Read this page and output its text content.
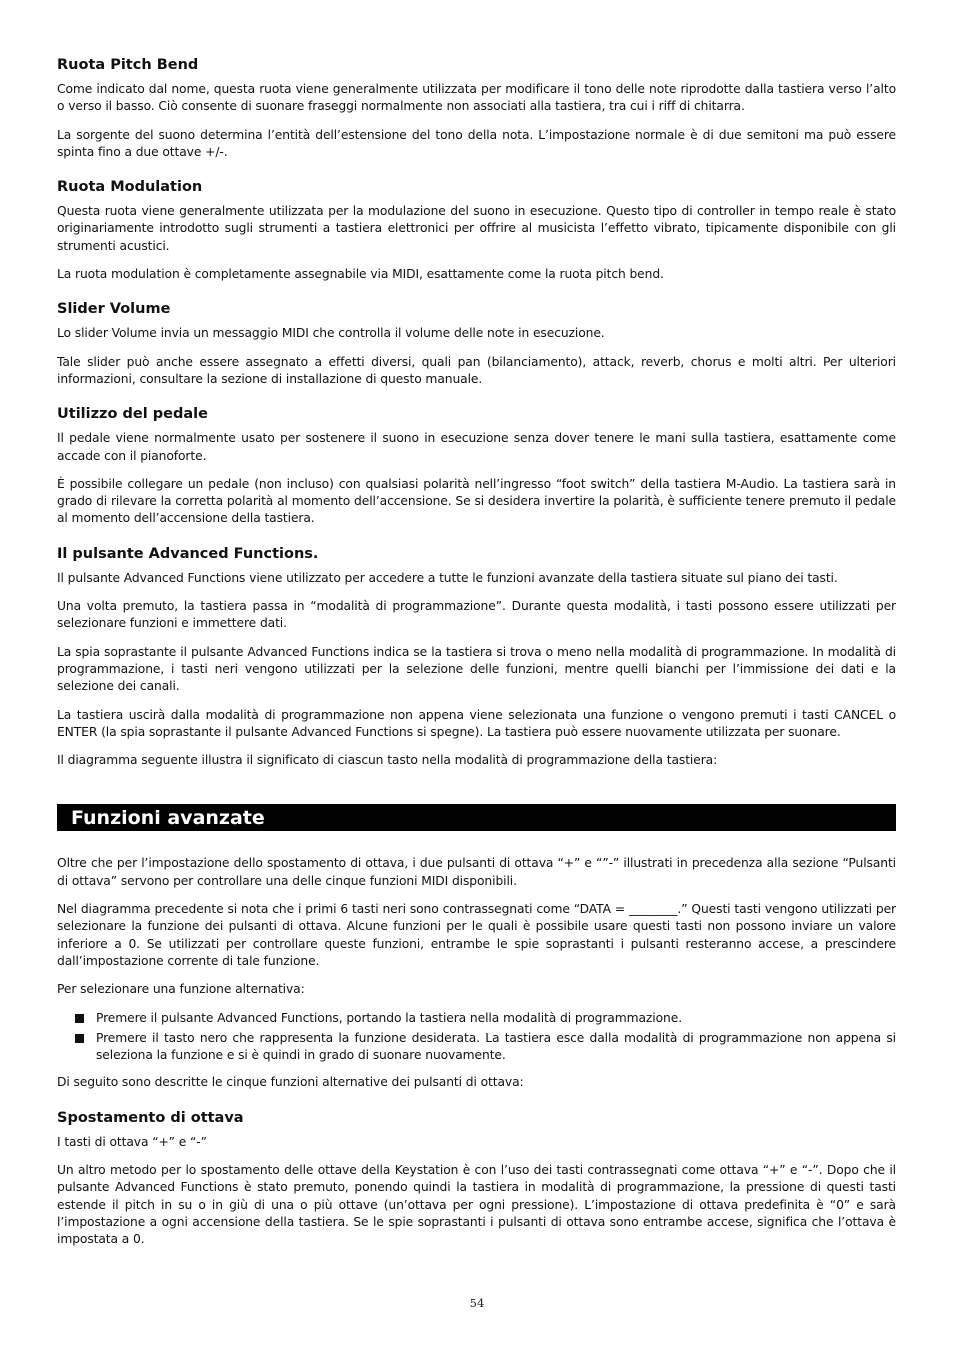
Ruota Pitch Bend

Come indicato dal nome, questa ruota viene generalmente utilizzata per modificare il tono delle note riprodotte dalla tastiera verso l’alto o verso il basso. Ciò consente di suonare fraseggi normalmente non associati alla tastiera, tra cui i riff di chitarra.

La sorgente del suono determina l’entità dell’estensione del tono della nota. L’impostazione normale è di due semitoni ma può essere spinta fino a due ottave +/-.

Ruota Modulation

Questa ruota viene generalmente utilizzata per la modulazione del suono in esecuzione. Questo tipo di controller in tempo reale è stato originariamente introdotto sugli strumenti a tastiera elettronici per offrire al musicista l’effetto vibrato, tipicamente disponibile con gli strumenti acustici.

La ruota modulation è completamente assegnabile via MIDI, esattamente come la ruota pitch bend.

Slider Volume

Lo slider Volume invia un messaggio MIDI che controlla il volume delle note in esecuzione.

Tale slider può anche essere assegnato a effetti diversi, quali pan (bilanciamento), attack, reverb, chorus e molti altri. Per ulteriori informazioni, consultare la sezione di installazione di questo manuale.

Utilizzo del pedale

Il pedale viene normalmente usato per sostenere il suono in esecuzione senza dover tenere le mani sulla tastiera, esattamente come accade con il pianoforte.

È possibile collegare un pedale (non incluso) con qualsiasi polarità nell’ingresso “foot switch” della tastiera M-Audio. La tastiera sarà in grado di rilevare la corretta polarità al momento dell’accensione. Se si desidera invertire la polarità, è sufficiente tenere premuto il pedale al momento dell’accensione della tastiera.

Il pulsante Advanced Functions.

Il pulsante Advanced Functions viene utilizzato per accedere a tutte le funzioni avanzate della tastiera situate sul piano dei tasti.

Una volta premuto, la tastiera passa in “modalità di programmazione”. Durante questa modalità, i tasti possono essere utilizzati per selezionare funzioni e immettere dati.

La spia soprastante il pulsante Advanced Functions indica se la tastiera si trova o meno nella modalità di programmazione. In modalità di programmazione, i tasti neri vengono utilizzati per la selezione delle funzioni, mentre quelli bianchi per l’immissione dei dati e la selezione dei canali.

La tastiera uscirà dalla modalità di programmazione non appena viene selezionata una funzione o vengono premuti i tasti CANCEL o ENTER (la spia soprastante il pulsante Advanced Functions si spegne). La tastiera può essere nuovamente utilizzata per suonare.

Il diagramma seguente illustra il significato di ciascun tasto nella modalità di programmazione della tastiera:

Funzioni avanzate

Oltre che per l’impostazione dello spostamento di ottava, i due pulsanti di ottava “+” e “”-” illustrati in precedenza alla sezione “Pulsanti di ottava” servono per controllare una delle cinque funzioni MIDI disponibili.

Nel diagramma precedente si nota che i primi 6 tasti neri sono contrassegnati come “DATA = ________.” Questi tasti vengono utilizzati per selezionare la funzione dei pulsanti di ottava. Alcune funzioni per le quali è possibile usare questi tasti non possono inviare un valore inferiore a 0. Se utilizzati per controllare queste funzioni, entrambe le spie soprastanti i pulsanti resteranno accese, a prescindere dall’impostazione corrente di tale funzione.

Per selezionare una funzione alternativa:

Premere il pulsante Advanced Functions, portando la tastiera nella modalità di programmazione.
Premere il tasto nero che rappresenta la funzione desiderata. La tastiera esce dalla modalità di programmazione non appena si seleziona la funzione e si è quindi in grado di suonare nuovamente.

Di seguito sono descritte le cinque funzioni alternative dei pulsanti di ottava:

Spostamento di ottava

I tasti di ottava “+” e “-”

Un altro metodo per lo spostamento delle ottave della Keystation è con l’uso dei tasti contrassegnati come ottava “+” e “-”. Dopo che il pulsante Advanced Functions è stato premuto, ponendo quindi la tastiera in modalità di programmazione, la pressione di questi tasti estende il pitch in su o in giù di una o più ottave (un’ottava per ogni pressione). L’impostazione di ottava predefinita è “0” e sarà l’impostazione a ogni accensione della tastiera. Se le spie soprastanti i pulsanti di ottava sono entrambe accese, significa che l’ottava è impostata a 0.

54
